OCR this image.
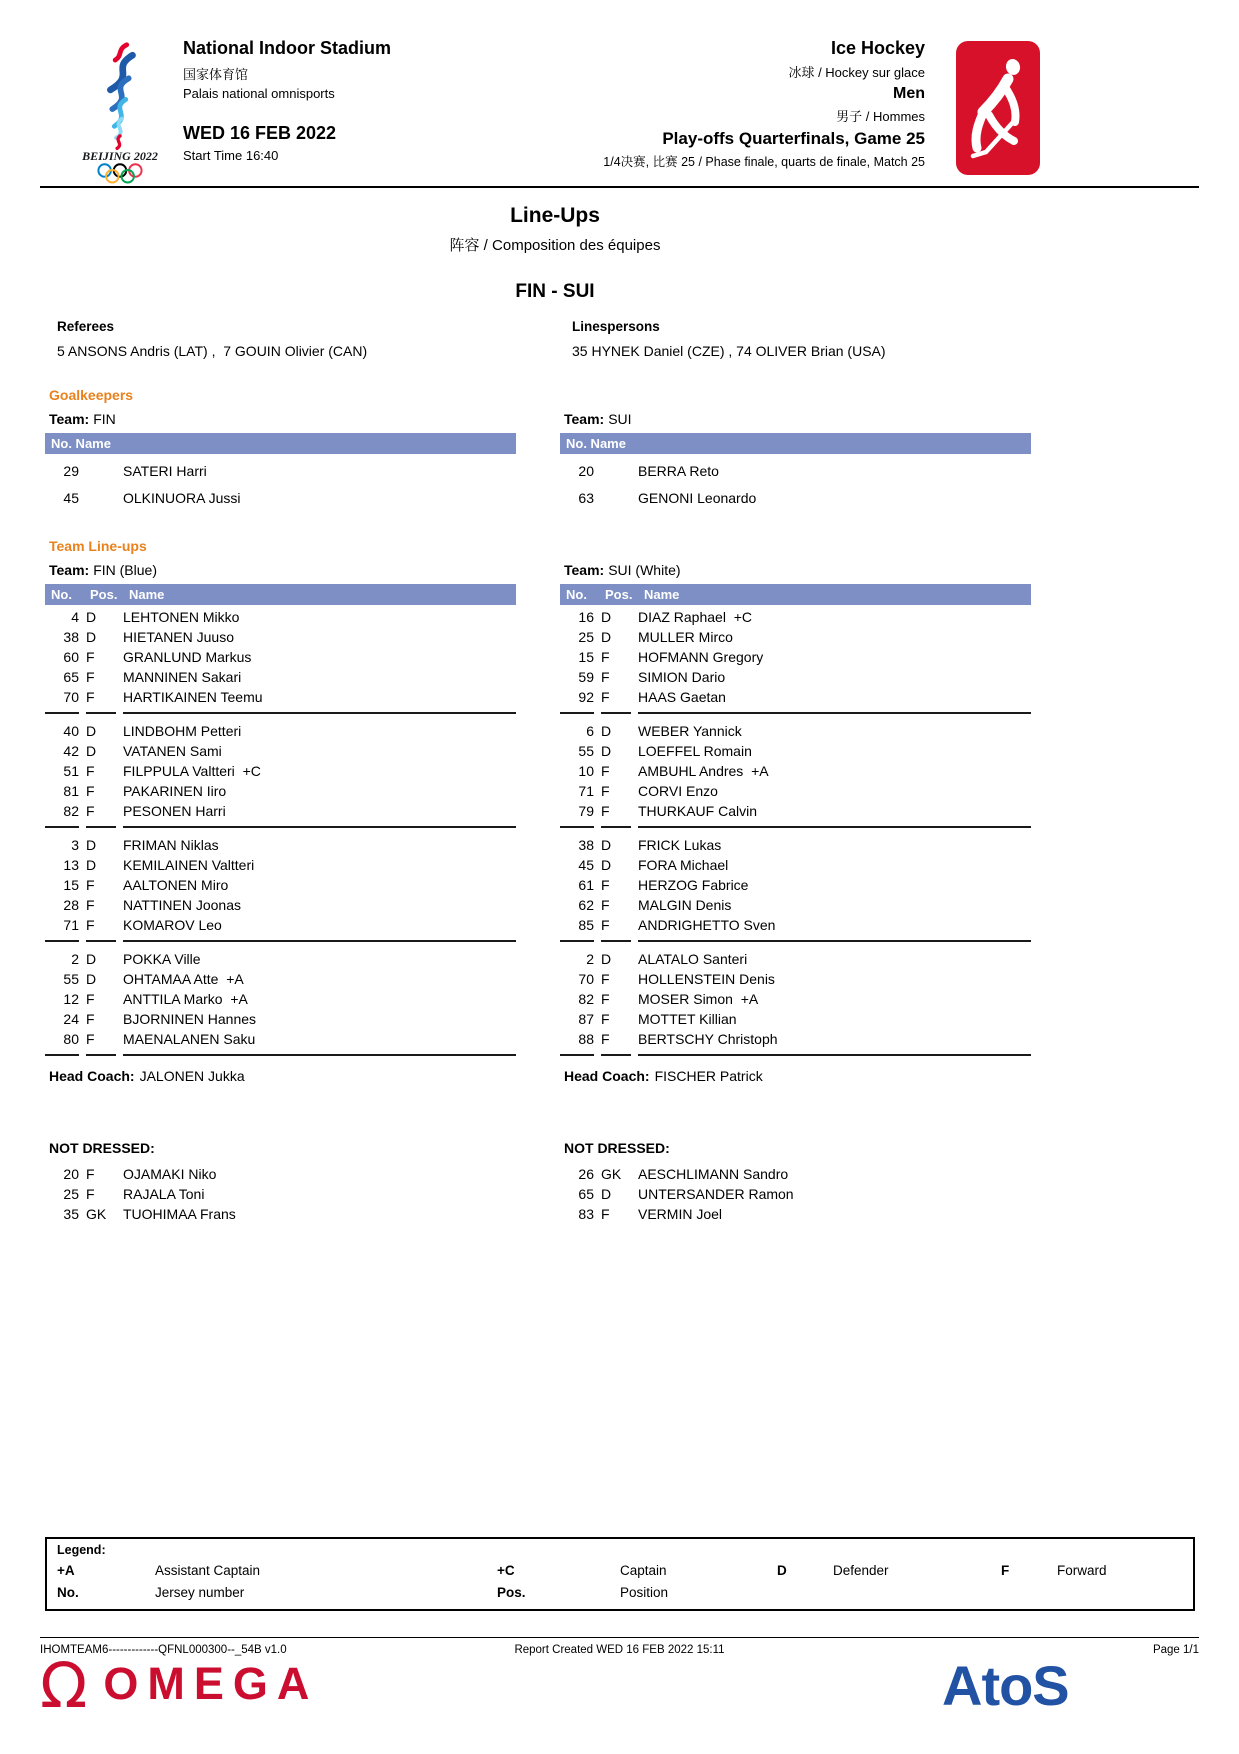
BEIJING 2022
National Indoor Stadium
国家体育馆
Palais national omnisports
WED 16 FEB 2022
Start Time 16:40
Ice Hockey
冰球 / Hockey sur glace
Men
男子 / Hommes
Play-offs Quarterfinals, Game 25
1/4决赛, 比赛 25 / Phase finale, quarts de finale, Match 25
Line-Ups
阵容 / Composition des équipes
FIN - SUI
Referees
5 ANSONS Andris (LAT) ,  7 GOUIN Olivier (CAN)
Linespersons
35 HYNEK Daniel (CZE) , 74 OLIVER Brian (USA)
Goalkeepers
Team: FIN
No. Name
29	SATERI Harri
45	OLKINUORA Jussi
Team: SUI
No. Name
20	BERRA Reto
63	GENONI Leonardo
Team Line-ups
Team: FIN (Blue)
No.	Pos. Name
4 D	LEHTONEN Mikko
38 D	HIETANEN Juuso
60 F	GRANLUND Markus
65 F	MANNINEN Sakari
70 F	HARTIKAINEN Teemu
40 D	LINDBOHM Petteri
42 D	VATANEN Sami
51 F	FILPPULA Valtteri  +C
81 F	PAKARINEN Iiro
82 F	PESONEN Harri
3 D	FRIMAN Niklas
13 D	KEMILAINEN Valtteri
15 F	AALTONEN Miro
28 F	NATTINEN Joonas
71 F	KOMAROV Leo
2 D	POKKA Ville
55 D	OHTAMAA Atte  +A
12 F	ANTTILA Marko  +A
24 F	BJORNINEN Hannes
80 F	MAENALANEN Saku
Head Coach: JALONEN Jukka
NOT DRESSED:
20 F	OJAMAKI Niko
25 F	RAJALA Toni
35 GK	TUOHIMAA Frans
Team: SUI (White)
No.	Pos. Name
16 D	DIAZ Raphael  +C
25 D	MULLER Mirco
15 F	HOFMANN Gregory
59 F	SIMION Dario
92 F	HAAS Gaetan
6 D	WEBER Yannick
55 D	LOEFFEL Romain
10 F	AMBUHL Andres  +A
71 F	CORVI Enzo
79 F	THURKAUF Calvin
38 D	FRICK Lukas
45 D	FORA Michael
61 F	HERZOG Fabrice
62 F	MALGIN Denis
85 F	ANDRIGHETTO Sven
2 D	ALATALO Santeri
70 F	HOLLENSTEIN Denis
82 F	MOSER Simon  +A
87 F	MOTTET Killian
88 F	BERTSCHY Christoph
Head Coach: FISCHER Patrick
NOT DRESSED:
26 GK	AESCHLIMANN Sandro
65 D	UNTERSANDER Ramon
83 F	VERMIN Joel
Legend:
+A	Assistant Captain	+C	Captain	D	Defender	F	Forward
No.	Jersey number	Pos.	Position
IHOMTEAM6-------------QFNL000300--_54B v1.0	Report Created WED 16 FEB 2022 15:11	Page 1/1
Ω OMEGA	AtoS
